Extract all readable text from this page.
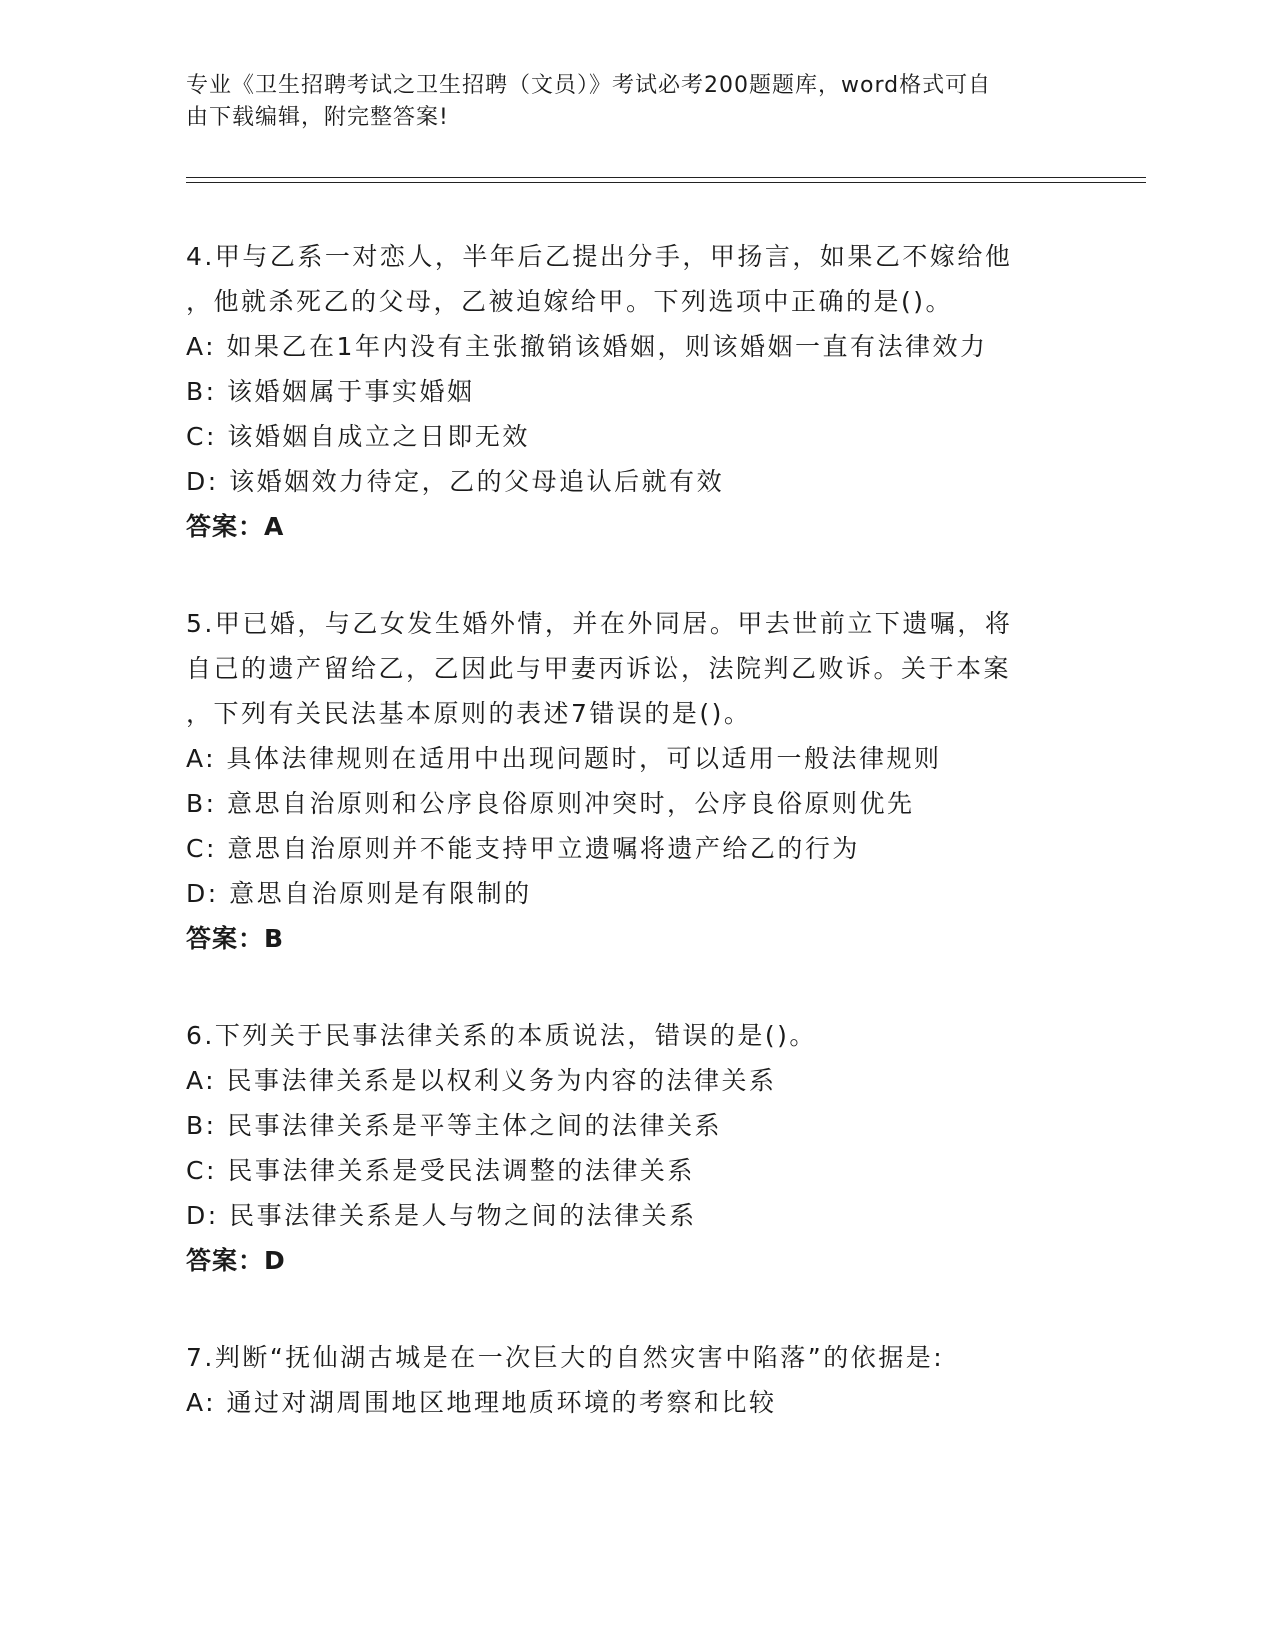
专业《卫生招聘考试之卫生招聘（文员）》考试必考200题题库，word格式可自
由下载编辑，附完整答案!
4.甲与乙系一对恋人，半年后乙提出分手，甲扬言，如果乙不嫁给他
，他就杀死乙的父母，乙被迫嫁给甲。下列选项中正确的是()。
A: 如果乙在1年内没有主张撤销该婚姻，则该婚姻一直有法律效力
B: 该婚姻属于事实婚姻
C: 该婚姻自成立之日即无效
D: 该婚姻效力待定，乙的父母追认后就有效
答案：A
5.甲已婚，与乙女发生婚外情，并在外同居。甲去世前立下遗嘱，将
自己的遗产留给乙，乙因此与甲妻丙诉讼，法院判乙败诉。关于本案
，下列有关民法基本原则的表述7错误的是()。
A: 具体法律规则在适用中出现问题时，可以适用一般法律规则
B: 意思自治原则和公序良俗原则冲突时，公序良俗原则优先
C: 意思自治原则并不能支持甲立遗嘱将遗产给乙的行为
D: 意思自治原则是有限制的
答案：B
6.下列关于民事法律关系的本质说法，错误的是()。
A: 民事法律关系是以权利义务为内容的法律关系
B: 民事法律关系是平等主体之间的法律关系
C: 民事法律关系是受民法调整的法律关系
D: 民事法律关系是人与物之间的法律关系
答案：D
7.判断“抚仙湖古城是在一次巨大的自然灾害中陷落”的依据是:
A: 通过对湖周围地区地理地质环境的考察和比较
